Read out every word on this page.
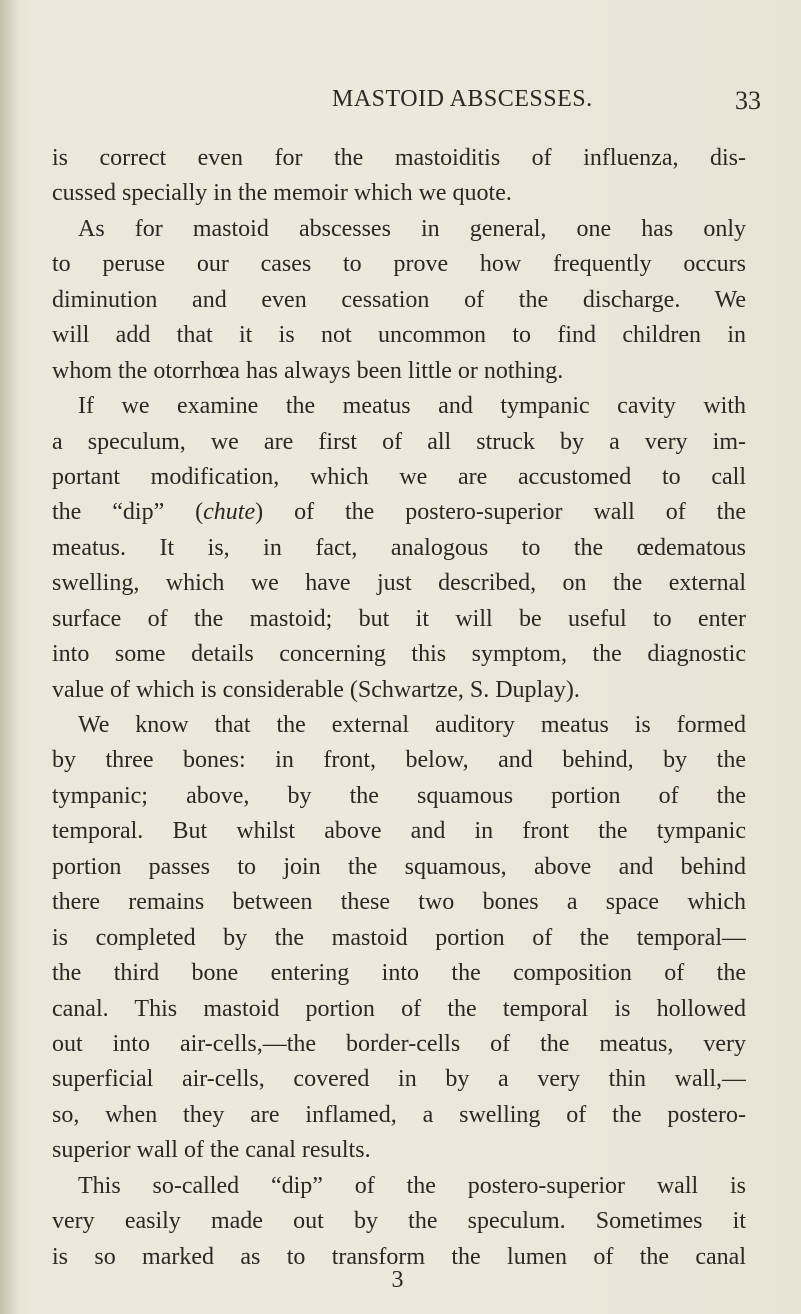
MASTOID ABSCESSES.	33
is correct even for the mastoiditis of influenza, dis-
cussed specially in the memoir which we quote.
As for mastoid abscesses in general, one has only
to peruse our cases to prove how frequently occurs
diminution and even cessation of the discharge. We
will add that it is not uncommon to find children in
whom the otorrhœa has always been little or nothing.
If we examine the meatus and tympanic cavity with
a speculum, we are first of all struck by a very im-
portant modification, which we are accustomed to call
the “dip” (chute) of the postero-superior wall of the
meatus. It is, in fact, analogous to the œdematous
swelling, which we have just described, on the external
surface of the mastoid; but it will be useful to enter
into some details concerning this symptom, the diagnostic
value of which is considerable (Schwartze, S. Duplay).
We know that the external auditory meatus is formed
by three bones: in front, below, and behind, by the
tympanic; above, by the squamous portion of the
temporal. But whilst above and in front the tympanic
portion passes to join the squamous, above and behind
there remains between these two bones a space which
is completed by the mastoid portion of the temporal—
the third bone entering into the composition of the
canal. This mastoid portion of the temporal is hollowed
out into air-cells,—the border-cells of the meatus, very
superficial air-cells, covered in by a very thin wall,—
so, when they are inflamed, a swelling of the postero-
superior wall of the canal results.
This so-called “dip” of the postero-superior wall is
very easily made out by the speculum. Sometimes it
is so marked as to transform the lumen of the canal
3
